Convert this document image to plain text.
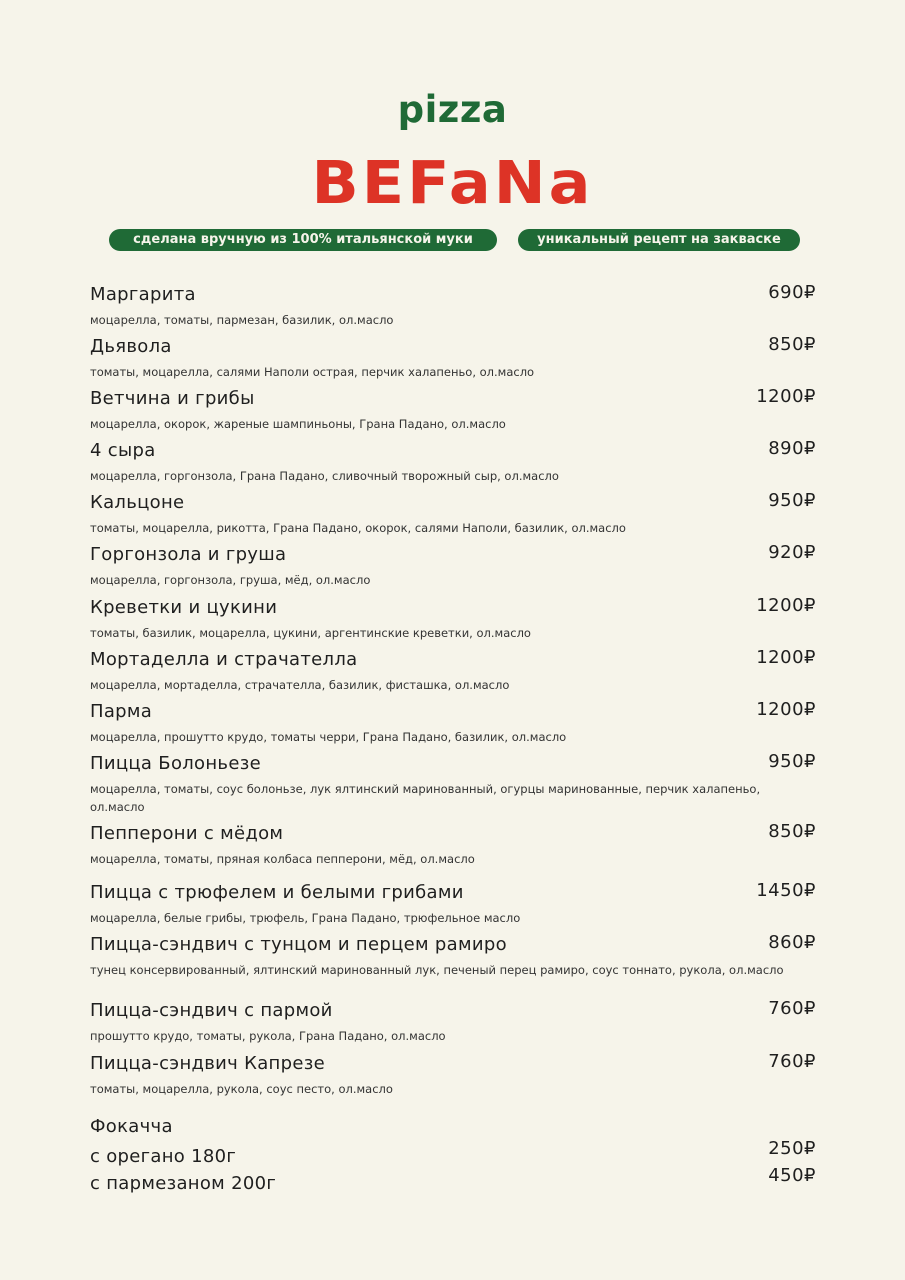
pizza
BEFaNa
сделана вручную из 100% итальянской муки	уникальный рецепт на закваске
Маргарита
моцарелла, томаты, пармезан, базилик, ол.масло
690₽
Дьявола
томаты, моцарелла, салями Наполи острая, перчик халапеньо, ол.масло
850₽
Ветчина и грибы
моцарелла, окорок, жареные шампиньоны, Грана Падано, ол.масло
1200₽
4 сыра
моцарелла, горгонзола, Грана Падано, сливочный творожный сыр, ол.масло
890₽
Кальцоне
томаты, моцарелла, рикотта, Грана Падано, окорок, салями Наполи, базилик, ол.масло
950₽
Горгонзола и груша
моцарелла, горгонзола, груша, мёд, ол.масло
920₽
Креветки и цукини
томаты, базилик, моцарелла, цукини, аргентинские креветки, ол.масло
1200₽
Мортаделла и страчателла
моцарелла, мортаделла, страчателла, базилик, фисташка, ол.масло
1200₽
Парма
моцарелла, прошутто крудо, томаты черри, Грана Падано, базилик, ол.масло
1200₽
Пицца Болоньезе
моцарелла, томаты, соус болоньзе, лук ялтинский маринованный, огурцы маринованные, перчик халапеньо, ол.масло
950₽
Пепперони с мёдом
моцарелла, томаты, пряная колбаса пепперони, мёд, ол.масло
850₽
Пицца с трюфелем и белыми грибами
моцарелла, белые грибы, трюфель, Грана Падано, трюфельное масло
1450₽
Пицца-сэндвич с тунцом и перцем рамиро
тунец консервированный, ялтинский маринованный лук, печеный перец рамиро, соус тоннато, рукола, ол.масло
860₽
Пицца-сэндвич с пармой
прошутто крудо, томаты, рукола, Грана Падано, ол.масло
760₽
Пицца-сэндвич Капрезе
томаты, моцарелла, рукола, соус песто, ол.масло
760₽
Фокачча
с орегано 180г	250₽
с пармезаном 200г	450₽
